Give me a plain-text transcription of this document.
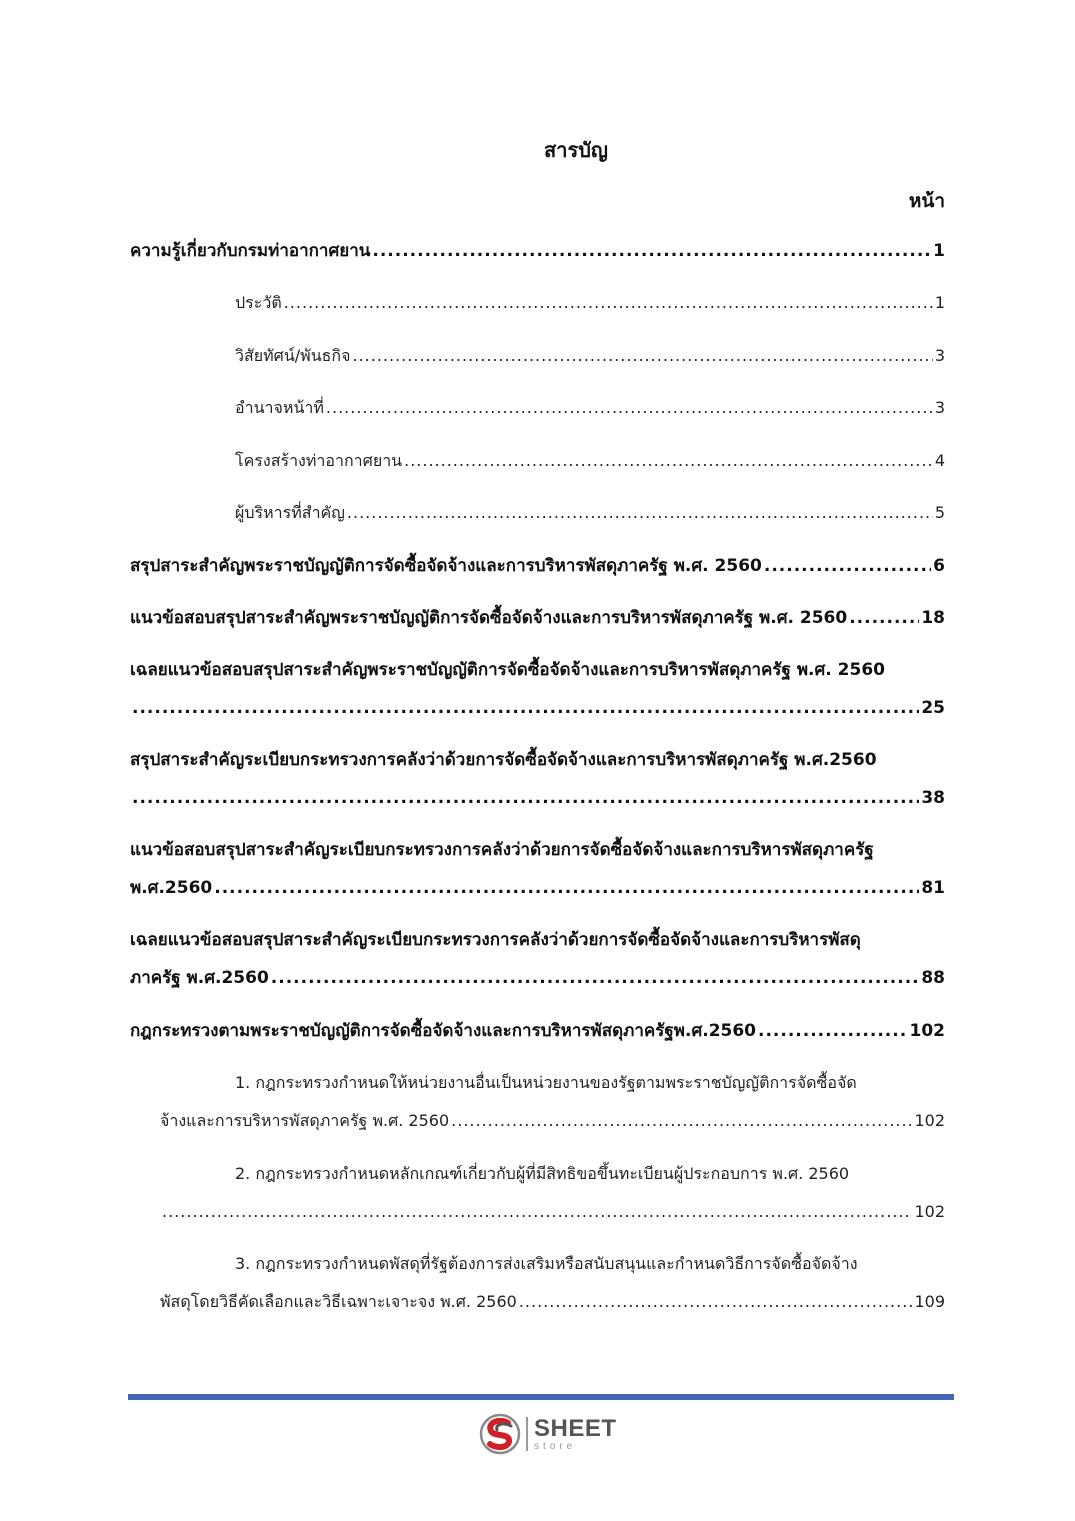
สารบัญ
หน้า
ความรู้เกี่ยวกับกรมท่าอากาศยาน .....	1
ประวัติ .....	1
วิสัยทัศน์/พันธกิจ .....	3
อำนาจหน้าที่ .....	3
โครงสร้างท่าอากาศยาน .....	4
ผู้บริหารที่สำคัญ .....	5
สรุปสาระสำคัญพระราชบัญญัติการจัดซื้อจัดจ้างและการบริหารพัสดุภาครัฐ พ.ศ. 2560 .....	6
แนวข้อสอบสรุปสาระสำคัญพระราชบัญญัติการจัดซื้อจัดจ้างและการบริหารพัสดุภาครัฐ พ.ศ. 2560 .....	18
เฉลยแนวข้อสอบสรุปสาระสำคัญพระราชบัญญัติการจัดซื้อจัดจ้างและการบริหารพัสดุภาครัฐ พ.ศ. 2560
.....
25
สรุปสาระสำคัญระเบียบกระทรวงการคลังว่าด้วยการจัดซื้อจัดจ้างและการบริหารพัสดุภาครัฐ พ.ศ.2560
.....
38
แนวข้อสอบสรุปสาระสำคัญระเบียบกระทรวงการคลังว่าด้วยการจัดซื้อจัดจ้างและการบริหารพัสดุภาครัฐ
พ.ศ.2560 .....	81
เฉลยแนวข้อสอบสรุปสาระสำคัญระเบียบกระทรวงการคลังว่าด้วยการจัดซื้อจัดจ้างและการบริหารพัสดุ
ภาครัฐ พ.ศ.2560 .....	88
กฎกระทรวงตามพระราชบัญญัติการจัดซื้อจัดจ้างและการบริหารพัสดุภาครัฐพ.ศ.2560 .....	102
1. กฎกระทรวงกำหนดให้หน่วยงานอื่นเป็นหน่วยงานของรัฐตามพระราชบัญญัติการจัดซื้อจัด
จ้างและการบริหารพัสดุภาครัฐ พ.ศ. 2560 .....	102
2. กฎกระทรวงกำหนดหลักเกณฑ์เกี่ยวกับผู้ที่มีสิทธิขอขึ้นทะเบียนผู้ประกอบการ พ.ศ. 2560
.....
102
3. กฎกระทรวงกำหนดพัสดุที่รัฐต้องการส่งเสริมหรือสนับสนุนและกำหนดวิธีการจัดซื้อจัดจ้าง
พัสดุโดยวิธีคัดเลือกและวิธีเฉพาะเจาะจง พ.ศ. 2560 .....	109
SHEET
store
